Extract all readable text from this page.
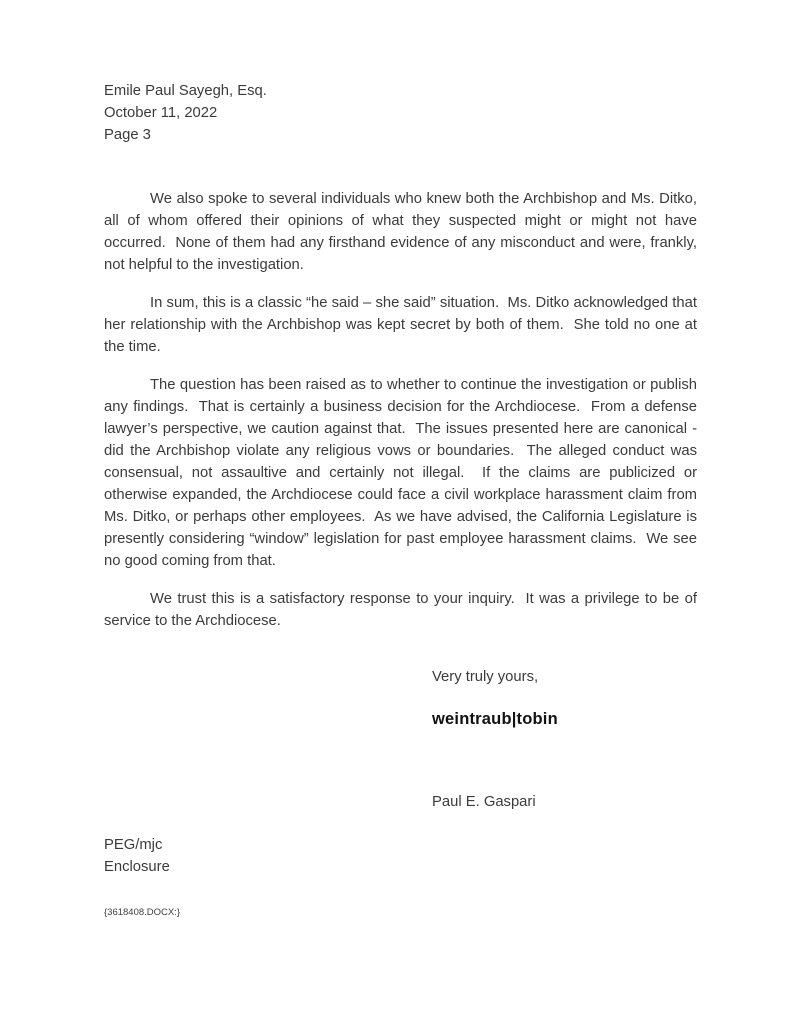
Emile Paul Sayegh, Esq.
October 11, 2022
Page 3

We also spoke to several individuals who knew both the Archbishop and Ms. Ditko, all of whom offered their opinions of what they suspected might or might not have occurred.  None of them had any firsthand evidence of any misconduct and were, frankly, not helpful to the investigation.

In sum, this is a classic “he said – she said” situation.  Ms. Ditko acknowledged that her relationship with the Archbishop was kept secret by both of them.  She told no one at the time.

The question has been raised as to whether to continue the investigation or publish any findings.  That is certainly a business decision for the Archdiocese.  From a defense lawyer’s perspective, we caution against that.  The issues presented here are canonical - did the Archbishop violate any religious vows or boundaries.  The alleged conduct was consensual, not assaultive and certainly not illegal.  If the claims are publicized or otherwise expanded, the Archdiocese could face a civil workplace harassment claim from Ms. Ditko, or perhaps other employees.  As we have advised, the California Legislature is presently considering “window” legislation for past employee harassment claims.  We see no good coming from that.

We trust this is a satisfactory response to your inquiry.  It was a privilege to be of service to the Archdiocese.

Very truly yours,
weintraub|tobin
Paul E. Gaspari
PEG/mjc
Enclosure
{3618408.DOCX:}
